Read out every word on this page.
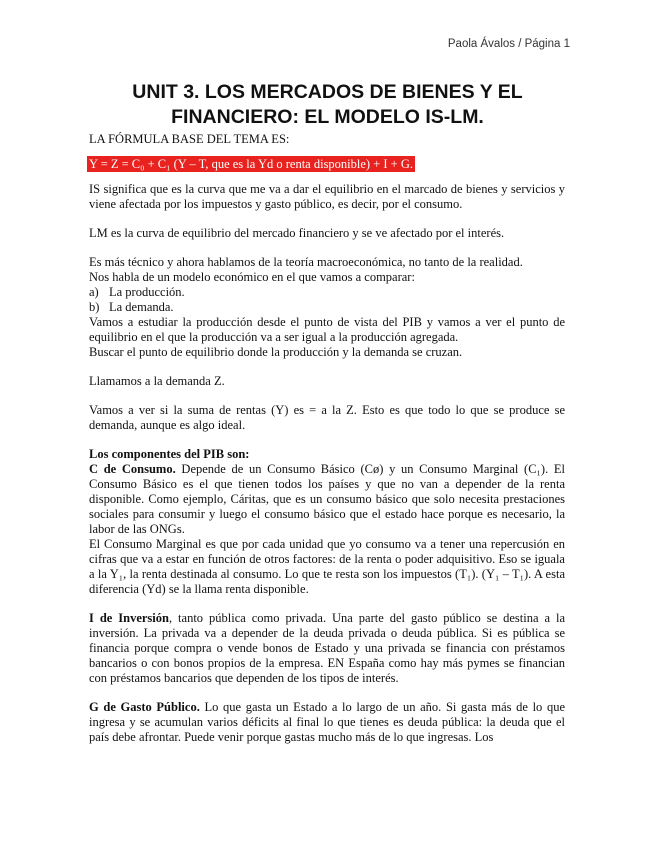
Paola Ávalos / Página 1
UNIT 3. LOS MERCADOS DE BIENES Y EL
FINANCIERO: EL MODELO IS-LM.

LA FÓRMULA BASE DEL TEMA ES:

Y = Z = C₀ + C₁ (Y – T, que es la Yd o renta disponible) + I + G.

IS significa que es la curva que me va a dar el equilibrio en el marcado de bienes y servicios y viene afectada por los impuestos y gasto público, es decir, por el consumo.

LM es la curva de equilibrio del mercado financiero y se ve afectado por el interés.

Es más técnico y ahora hablamos de la teoría macroeconómica, no tanto de la realidad.

Nos habla de un modelo económico en el que vamos a comparar:

a) La producción.
b) La demanda.

Vamos a estudiar la producción desde el punto de vista del PIB y vamos a ver el punto de equilibrio en el que la producción va a ser igual a la producción agregada.

Buscar el punto de equilibrio donde la producción y la demanda se cruzan.

Llamamos a la demanda Z.

Vamos a ver si la suma de rentas (Y) es = a la Z. Esto es que todo lo que se produce se demanda, aunque es algo ideal.

Los componentes del PIB son:

C de Consumo. Depende de un Consumo Básico (Cø) y un Consumo Marginal (C₁). El Consumo Básico es el que tienen todos los países y que no van a depender de la renta disponible. Como ejemplo, Cáritas, que es un consumo básico que solo necesita prestaciones sociales para consumir y luego el consumo básico que el estado hace porque es necesario, la labor de las ONGs.

El Consumo Marginal es que por cada unidad que yo consumo va a tener una repercusión en cifras que va a estar en función de otros factores: de la renta o poder adquisitivo. Eso se iguala a la Y₁, la renta destinada al consumo. Lo que te resta son los impuestos (T₁). (Y₁ – T₁). A esta diferencia (Yd) se la llama renta disponible.

I de Inversión, tanto pública como privada. Una parte del gasto público se destina a la inversión. La privada va a depender de la deuda privada o deuda pública. Si es pública se financia porque compra o vende bonos de Estado y una privada se financia con préstamos bancarios o con bonos propios de la empresa. EN España como hay más pymes se financian con préstamos bancarios que dependen de los tipos de interés.

G de Gasto Público. Lo que gasta un Estado a lo largo de un año. Si gasta más de lo que ingresa y se acumulan varios déficits al final lo que tienes es deuda pública: la deuda que el país debe afrontar. Puede venir porque gastas mucho más de lo que ingresas. Los
